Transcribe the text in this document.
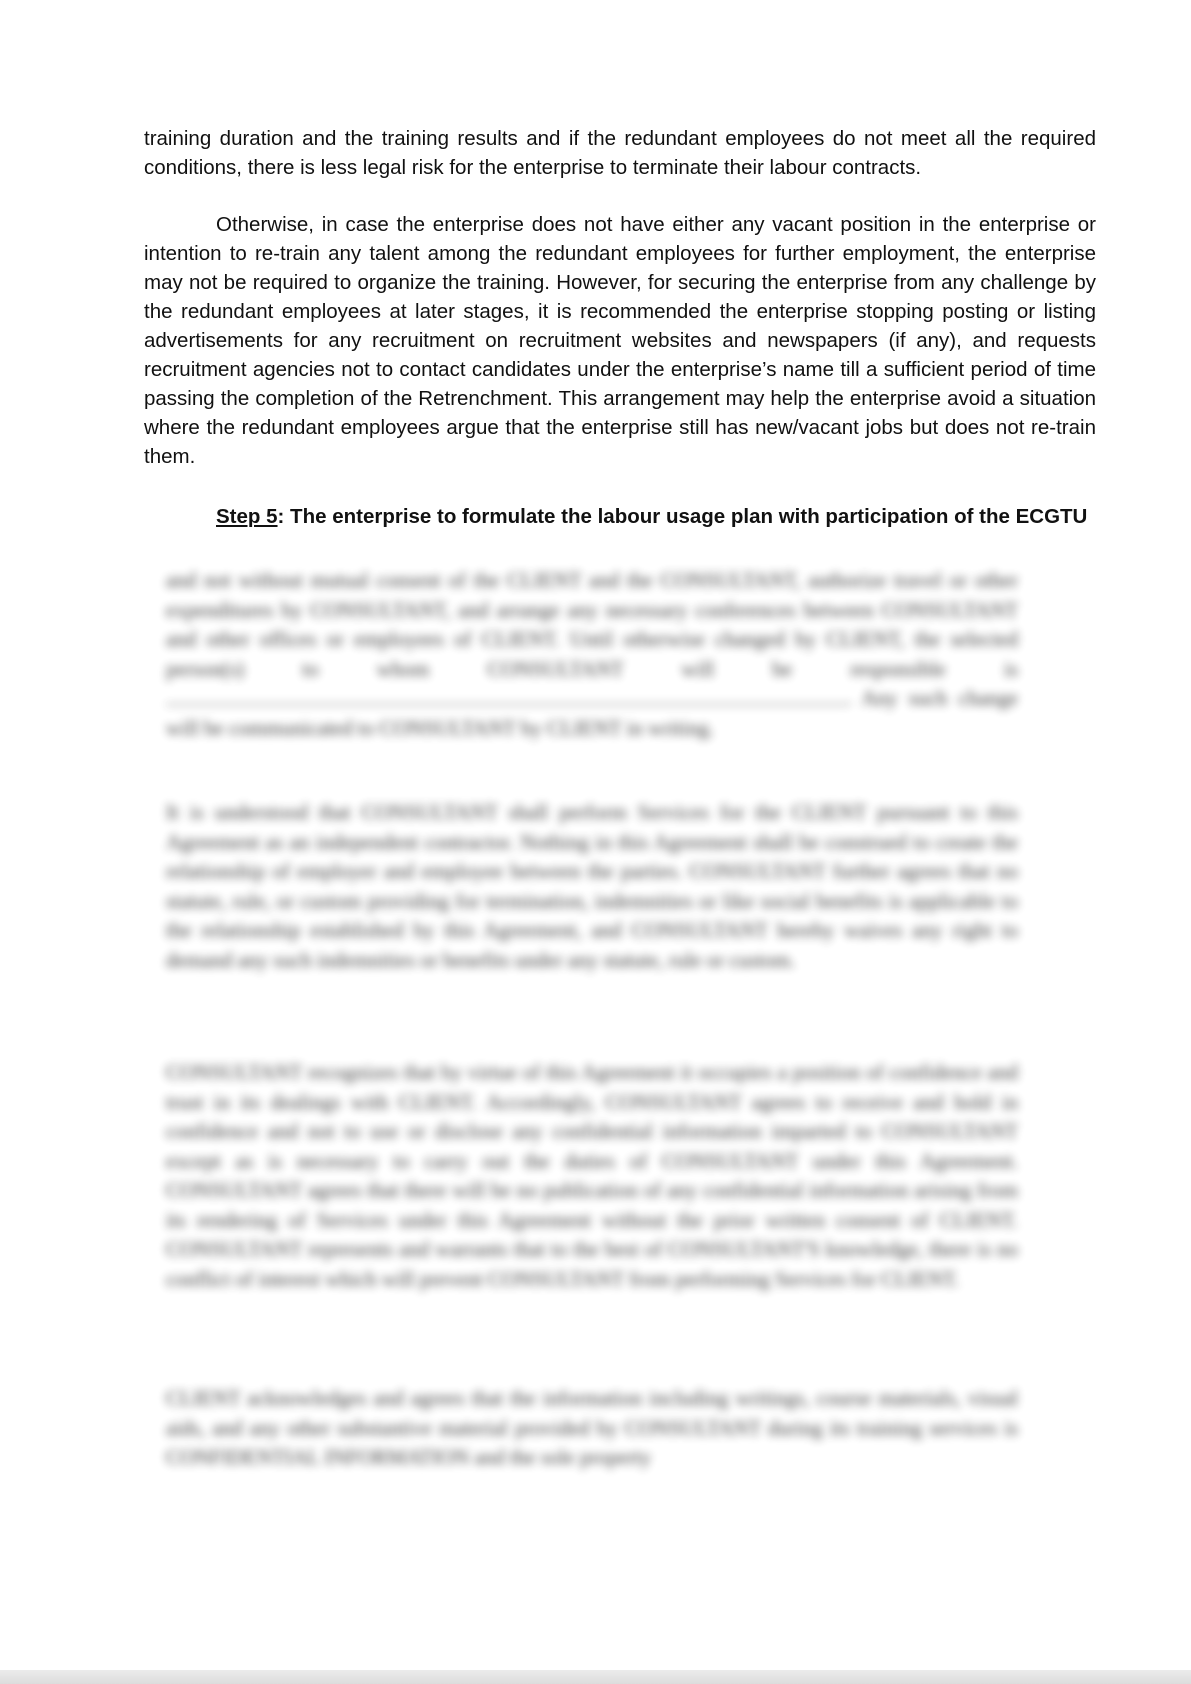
training duration and the training results and if the redundant employees do not meet all the required conditions, there is less legal risk for the enterprise to terminate their labour contracts.
Otherwise, in case the enterprise does not have either any vacant position in the enterprise or intention to re-train any talent among the redundant employees for further employment, the enterprise may not be required to organize the training. However, for securing the enterprise from any challenge by the redundant employees at later stages, it is recommended the enterprise stopping posting or listing advertisements for any recruitment on recruitment websites and newspapers (if any), and requests recruitment agencies not to contact candidates under the enterprise’s name till a sufficient period of time passing the completion of the Retrenchment. This arrangement may help the enterprise avoid a situation where the redundant employees argue that the enterprise still has new/vacant jobs but does not re-train them.
Step 5: The enterprise to formulate the labour usage plan with participation of the ECGTU
and not without mutual consent of the CLIENT and the CONSULTANT, authorize travel or other expenditures by CONSULTANT, and arrange any necessary conferences between CONSULTANT and other offices or employees of CLIENT. Until otherwise changed by CLIENT, the selected person(s) to whom CONSULTANT will be responsible is . Any such change will be communicated to CONSULTANT by CLIENT in writing.
It is understood that CONSULTANT shall perform Services for the CLIENT pursuant to this Agreement as an independent contractor. Nothing in this Agreement shall be construed to create the relationship of employer and employee between the parties. CONSULTANT further agrees that no statute, rule, or custom providing for termination, indemnities or like social benefits is applicable to the relationship established by this Agreement, and CONSULTANT hereby waives any right to demand any such indemnities or benefits under any statute, rule or custom.
CONSULTANT recognizes that by virtue of this Agreement it occupies a position of confidence and trust in its dealings with CLIENT. Accordingly, CONSULTANT agrees to receive and hold in confidence and not to use or disclose any confidential information imparted to CONSULTANT except as is necessary to carry out the duties of CONSULTANT under this Agreement. CONSULTANT agrees that there will be no publication of any confidential information arising from its rendering of Services under this Agreement without the prior written consent of CLIENT. CONSULTANT represents and warrants that to the best of CONSULTANT'S knowledge, there is no conflict of interest which will prevent CONSULTANT from performing Services for CLIENT.
CLIENT acknowledges and agrees that the information including writings, course materials, visual aids, and any other substantive material provided by CONSULTANT during its training services is CONFIDENTIAL INFORMATION and the sole property
